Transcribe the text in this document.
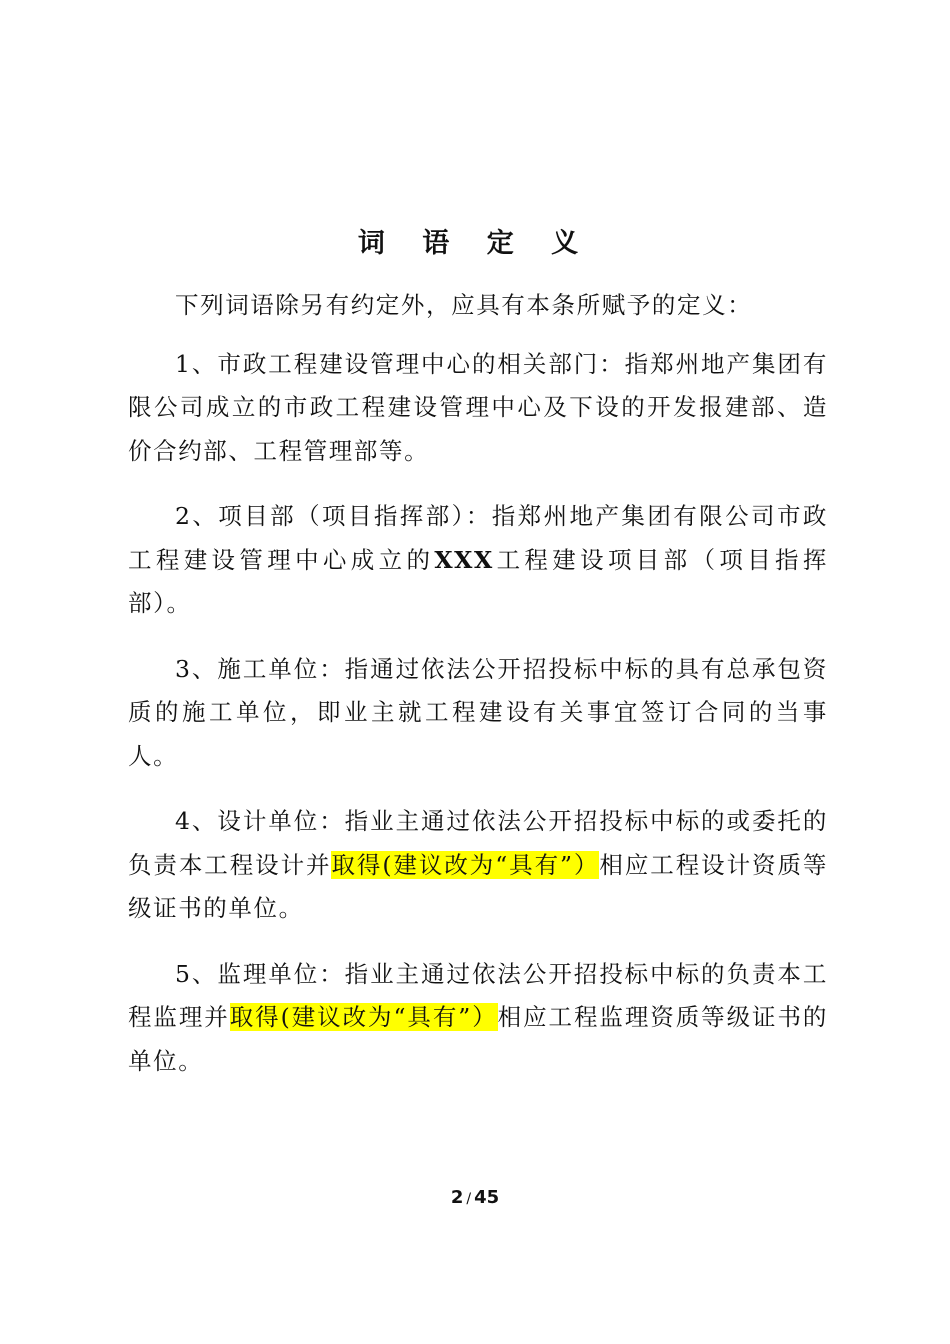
词 语 定 义

下列词语除另有约定外，应具有本条所赋予的定义：

1、市政工程建设管理中心的相关部门：指郑州地产集团有限公司成立的市政工程建设管理中心及下设的开发报建部、造价合约部、工程管理部等。

2、项目部（项目指挥部）：指郑州地产集团有限公司市政工程建设管理中心成立的XXX工程建设项目部（项目指挥部）。

3、施工单位：指通过依法公开招投标中标的具有总承包资质的施工单位，即业主就工程建设有关事宜签订合同的当事人。

4、设计单位：指业主通过依法公开招投标中标的或委托的负责本工程设计并取得(建议改为“具有”）相应工程设计资质等级证书的单位。

5、监理单位：指业主通过依法公开招投标中标的负责本工程监理并取得(建议改为“具有”）相应工程监理资质等级证书的单位。

2 / 45
